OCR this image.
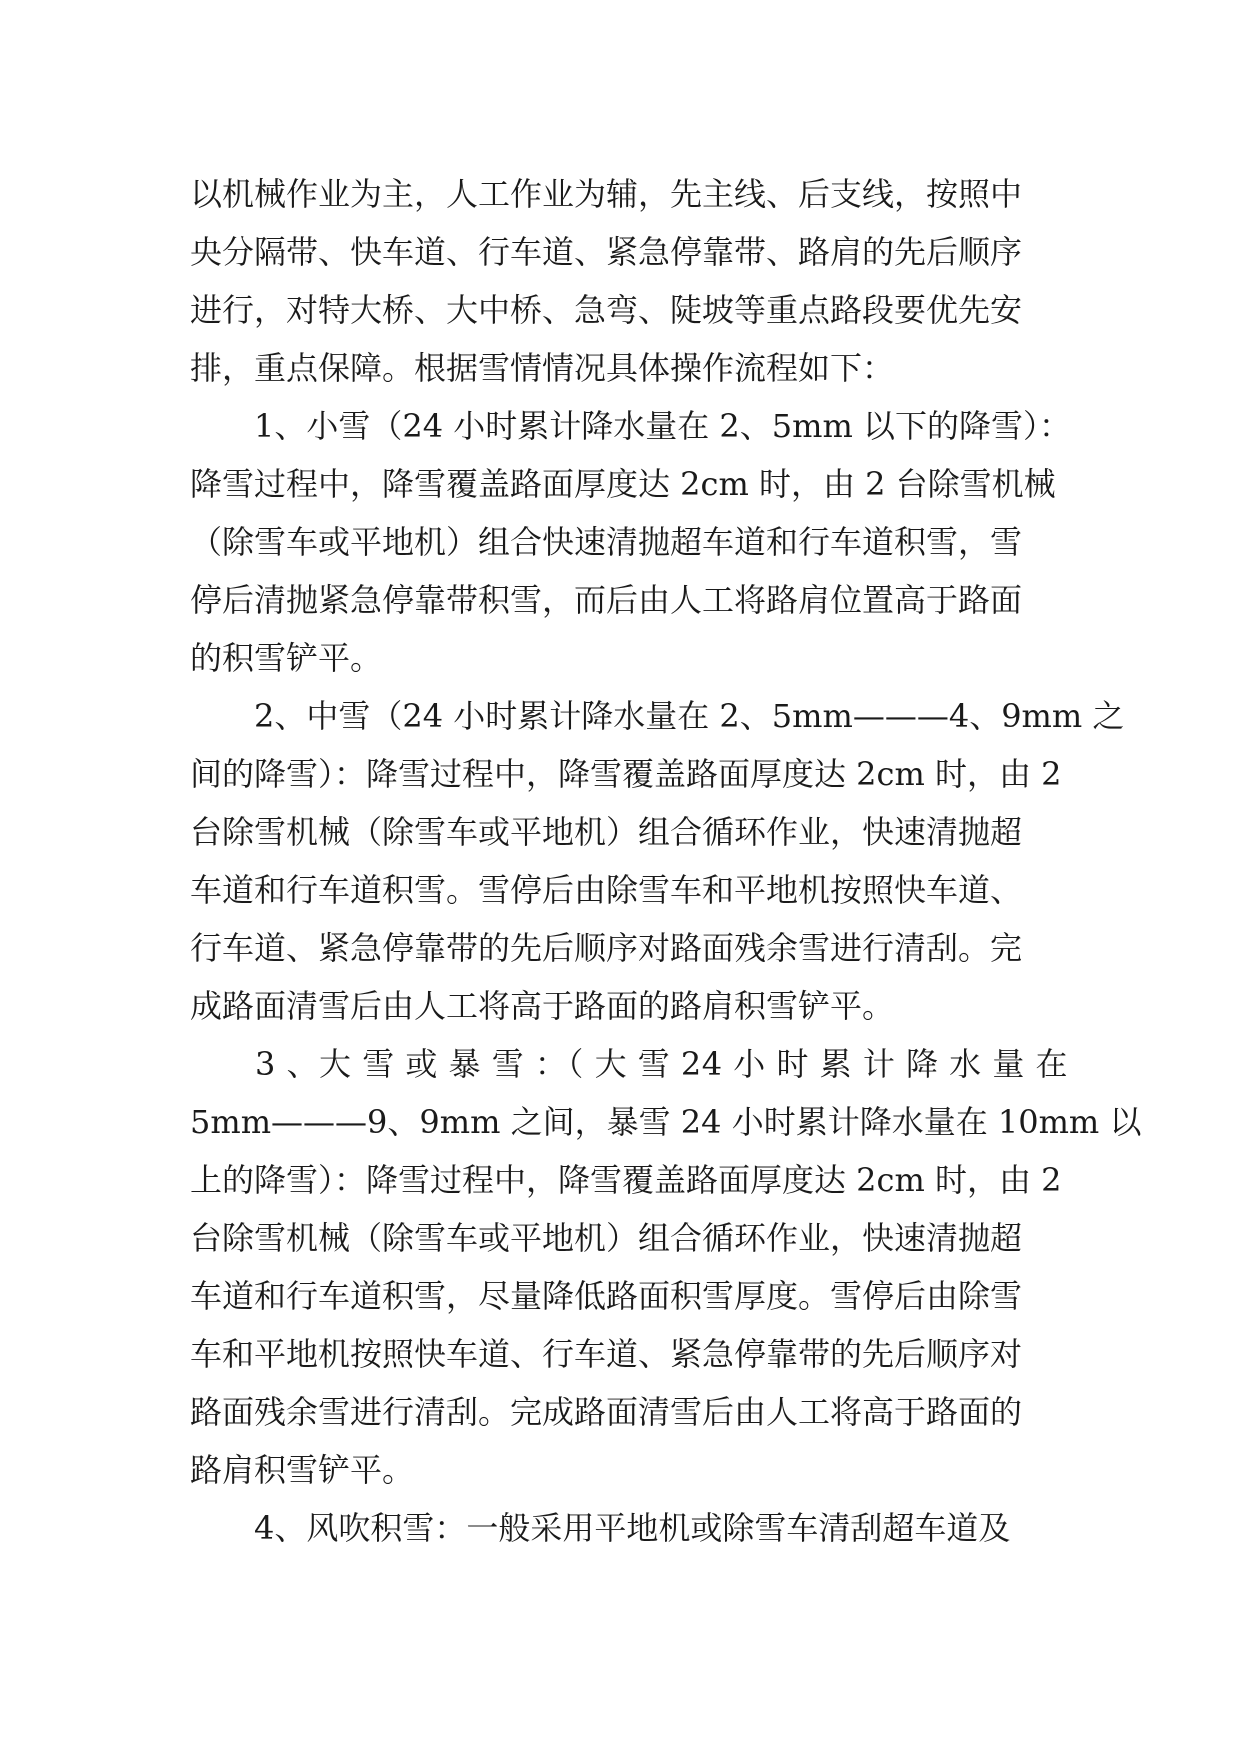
以机械作业为主，人工作业为辅，先主线、后支线，按照中
央分隔带、快车道、行车道、紧急停靠带、路肩的先后顺序
进行，对特大桥、大中桥、急弯、陡坡等重点路段要优先安
排，重点保障。根据雪情情况具体操作流程如下：
　　1、小雪（24 小时累计降水量在 2、5mm 以下的降雪）：
降雪过程中，降雪覆盖路面厚度达 2cm 时，由 2 台除雪机械
（除雪车或平地机）组合快速清抛超车道和行车道积雪，雪
停后清抛紧急停靠带积雪，而后由人工将路肩位置高于路面
的积雪铲平。
　　2、中雪（24 小时累计降水量在 2、5mm———4、9mm 之
间的降雪）：降雪过程中，降雪覆盖路面厚度达 2cm 时，由 2
台除雪机械（除雪车或平地机）组合循环作业，快速清抛超
车道和行车道积雪。雪停后由除雪车和平地机按照快车道、
行车道、紧急停靠带的先后顺序对路面残余雪进行清刮。完
成路面清雪后由人工将高于路面的路肩积雪铲平。
　　3 、大 雪 或 暴 雪 ：（ 大 雪 24 小 时 累 计 降 水 量 在
5mm———9、9mm 之间，暴雪 24 小时累计降水量在 10mm 以
上的降雪）：降雪过程中，降雪覆盖路面厚度达 2cm 时，由 2
台除雪机械（除雪车或平地机）组合循环作业，快速清抛超
车道和行车道积雪，尽量降低路面积雪厚度。雪停后由除雪
车和平地机按照快车道、行车道、紧急停靠带的先后顺序对
路面残余雪进行清刮。完成路面清雪后由人工将高于路面的
路肩积雪铲平。
　　4、风吹积雪：一般采用平地机或除雪车清刮超车道及
